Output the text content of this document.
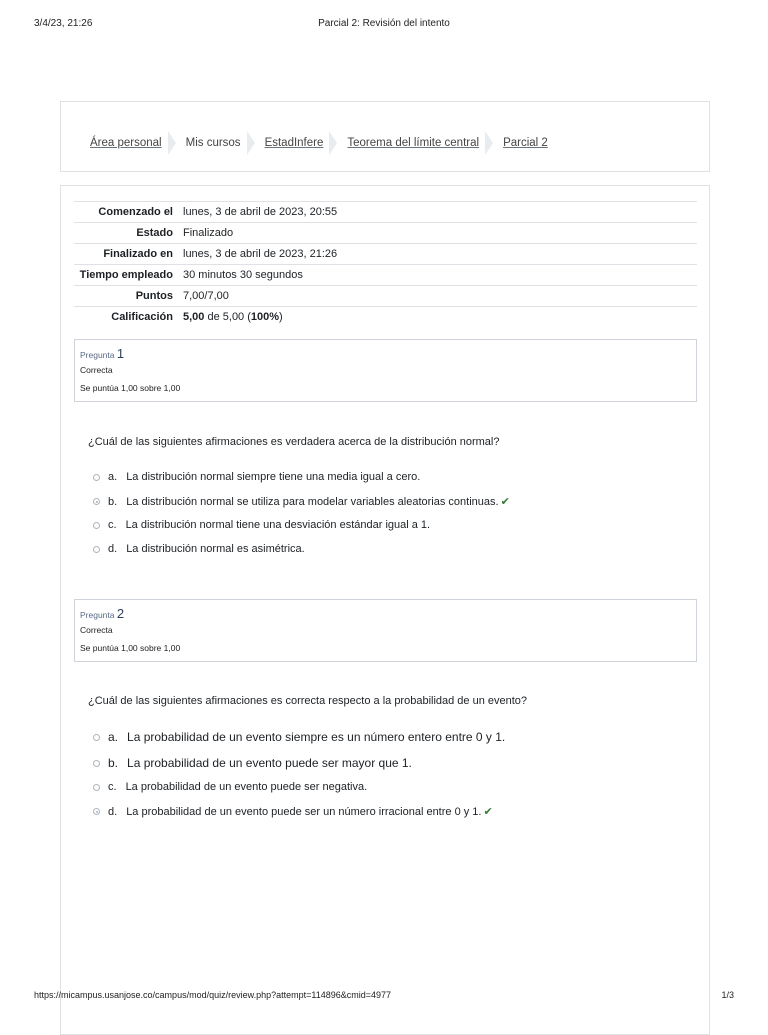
3/4/23, 21:26	Parcial 2: Revisión del intento
Área personal Mis cursos EstadInfere Teorema del límite central Parcial 2
Comenzado el	lunes, 3 de abril de 2023, 20:55
Estado	Finalizado
Finalizado en	lunes, 3 de abril de 2023, 21:26
Tiempo empleado	30 minutos 30 segundos
Puntos	7,00/7,00
Calificación	5,00 de 5,00 (100%)
Pregunta 1
Correcta
Se puntúa 1,00 sobre 1,00
¿Cuál de las siguientes afirmaciones es verdadera acerca de la distribución normal?
a. La distribución normal siempre tiene una media igual a cero.
b. La distribución normal se utiliza para modelar variables aleatorias continuas. ✔
c. La distribución normal tiene una desviación estándar igual a 1.
d. La distribución normal es asimétrica.
Pregunta 2
Correcta
Se puntúa 1,00 sobre 1,00
¿Cuál de las siguientes afirmaciones es correcta respecto a la probabilidad de un evento?
a. La probabilidad de un evento siempre es un número entero entre 0 y 1.
b. La probabilidad de un evento puede ser mayor que 1.
c. La probabilidad de un evento puede ser negativa.
d. La probabilidad de un evento puede ser un número irracional entre 0 y 1. ✔
https://micampus.usanjose.co/campus/mod/quiz/review.php?attempt=114896&cmid=4977	1/3
